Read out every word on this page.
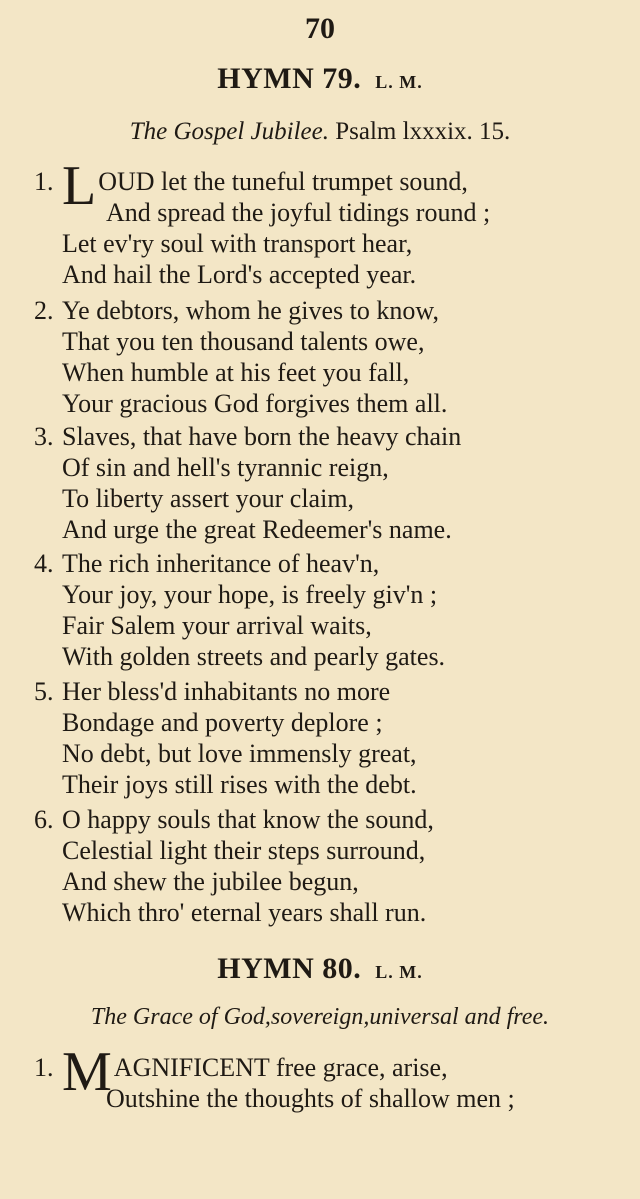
70
HYMN 79. L. M.
The Gospel Jubilee. Psalm lxxxix. 15.
1. LOUD let the tuneful trumpet sound,
And spread the joyful tidings round ;
Let ev'ry soul with transport hear,
And hail the Lord's accepted year.
2. Ye debtors, whom he gives to know,
That you ten thousand talents owe,
When humble at his feet you fall,
Your gracious God forgives them all.
3. Slaves, that have born the heavy chain
Of sin and hell's tyrannic reign,
To liberty assert your claim,
And urge the great Redeemer's name.
4. The rich inheritance of heav'n,
Your joy, your hope, is freely giv'n ;
Fair Salem your arrival waits,
With golden streets and pearly gates.
5. Her bless'd inhabitants no more
Bondage and poverty deplore ;
No debt, but love immensly great,
Their joys still rises with the debt.
6. O happy souls that know the sound,
Celestial light their steps surround,
And shew the jubilee begun,
Which thro' eternal years shall run.
HYMN 80. L. M.
The Grace of God,sovereign,universal and free.
1. MAGNIFICENT free grace, arise,
Outshine the thoughts of shallow men ;
